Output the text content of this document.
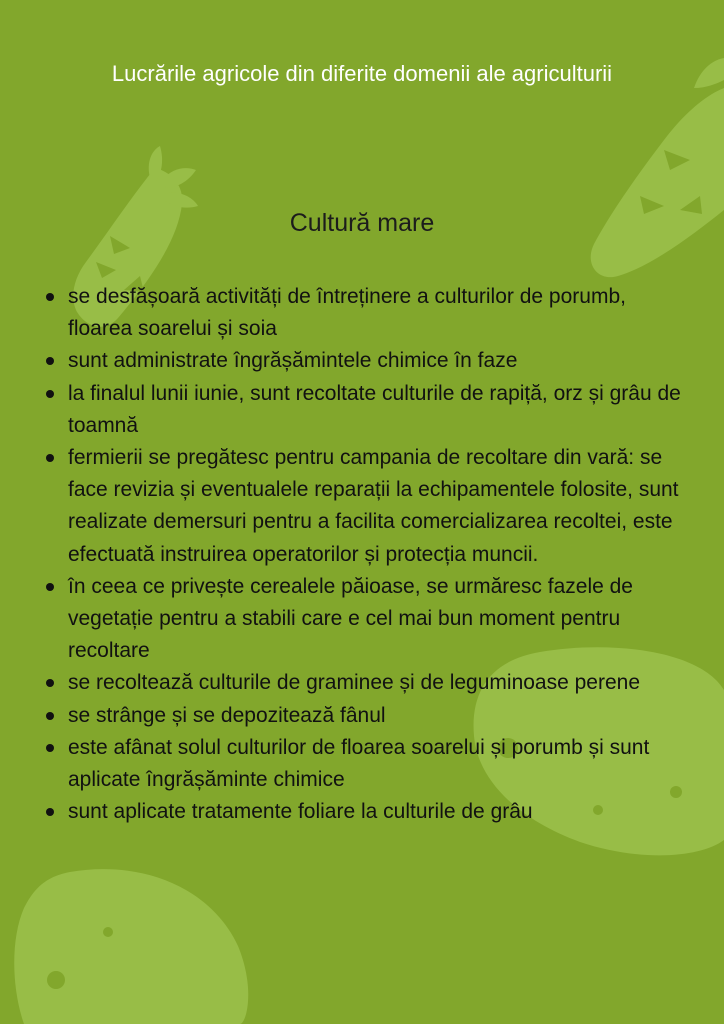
Lucrările agricole din diferite domenii ale agriculturii
Cultură mare
se desfășoară activități de întreținere a culturilor de porumb, floarea soarelui și soia
sunt administrate îngrășămintele chimice în faze
la finalul lunii iunie, sunt recoltate culturile de rapiță, orz și grâu de toamnă
fermierii se pregătesc pentru campania de recoltare din vară: se face revizia și eventualele reparații la echipamentele folosite, sunt realizate demersuri pentru a facilita comercializarea recoltei, este efectuată instruirea operatorilor și protecția muncii.
în ceea ce privește cerealele păioase, se urmăresc fazele de vegetație pentru a stabili care e cel mai bun moment pentru recoltare
se recoltează culturile de graminee și de leguminoase perene
se strânge și se depozitează fânul
este afânat solul culturilor de floarea soarelui și porumb și sunt aplicate îngrășăminte chimice
sunt aplicate tratamente foliare la culturile de grâu
